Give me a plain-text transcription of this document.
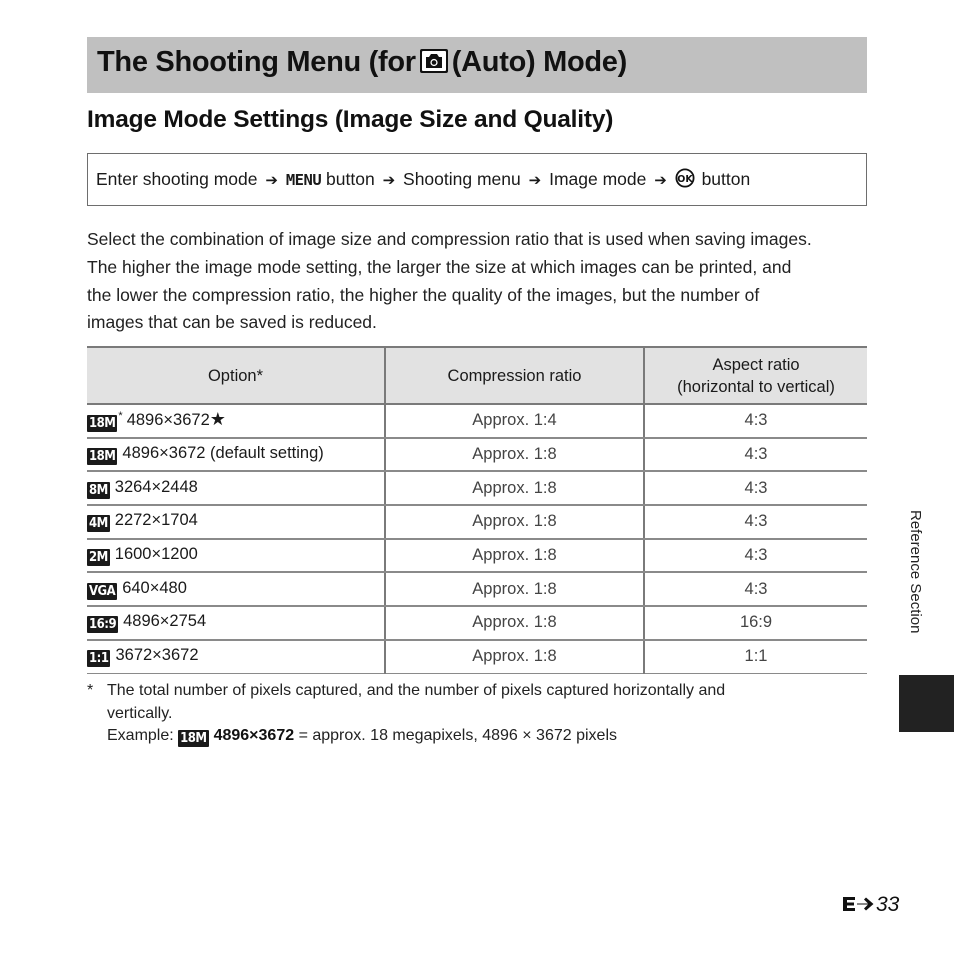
The Shooting Menu (for (Auto) Mode)
Image Mode Settings (Image Size and Quality)
Enter shooting mode ➔ MENU button ➔ Shooting menu ➔ Image mode ➔ OK button

Select the combination of image size and compression ratio that is used when saving images.
The higher the image mode setting, the larger the size at which images can be printed, and
the lower the compression ratio, the higher the quality of the images, but the number of
images that can be saved is reduced.

Option*	Compression ratio	Aspect ratio
(horizontal to vertical)
18M * 4896×3672★	Approx. 1:4	4:3
18M 4896×3672 (default setting)	Approx. 1:8	4:3
8M 3264×2448	Approx. 1:8	4:3
4M 2272×1704	Approx. 1:8	4:3
2M 1600×1200	Approx. 1:8	4:3
VGA 640×480	Approx. 1:8	4:3
16:9 4896×2754	Approx. 1:8	16:9
1:1 3672×3672	Approx. 1:8	1:1
* The total number of pixels captured, and the number of pixels captured horizontally and
vertically.
Example: 18M 4896×3672 = approx. 18 megapixels, 4896 × 3672 pixels
Reference Section
33
